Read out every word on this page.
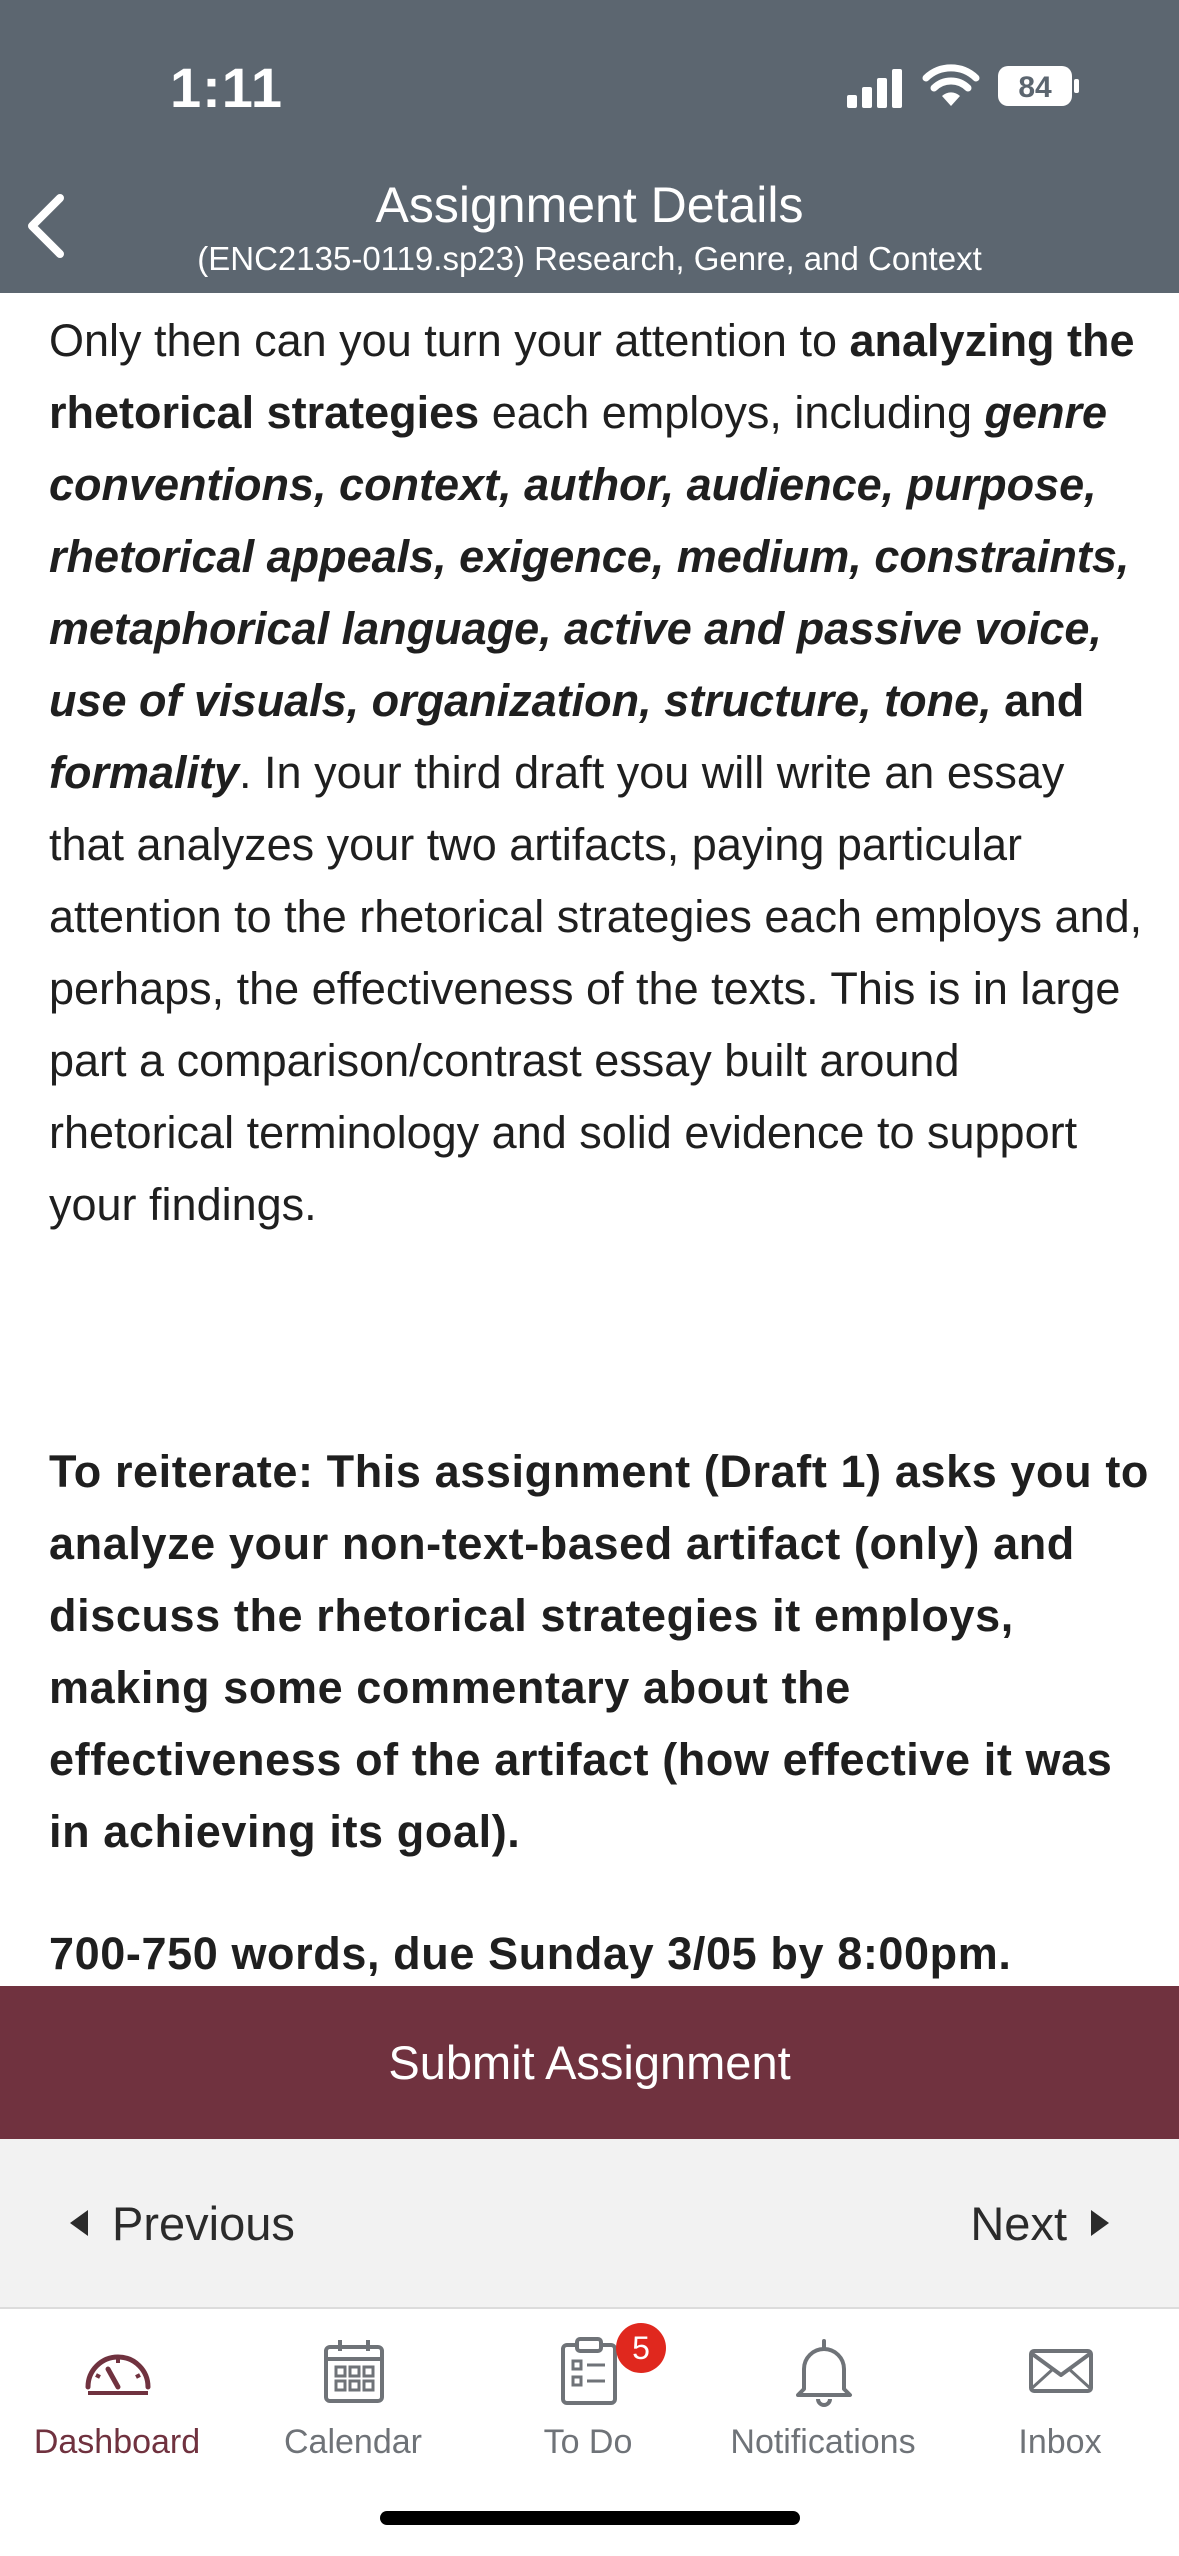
1:11	84
Assignment Details
(ENC2135-0119.sp23) Research, Genre, and Context

Only then can you turn your attention to analyzing the rhetorical strategies each employs, including genre conventions, context, author, audience, purpose, rhetorical appeals, exigence, medium, constraints, metaphorical language, active and passive voice, use of visuals, organization, structure, tone, and formality. In your third draft you will write an essay that analyzes your two artifacts, paying particular attention to the rhetorical strategies each employs and, perhaps, the effectiveness of the texts. This is in large part a comparison/contrast essay built around rhetorical terminology and solid evidence to support your findings.

To reiterate: This assignment (Draft 1) asks you to analyze your non-text-based artifact (only) and discuss the rhetorical strategies it employs, making some commentary about the effectiveness of the artifact (how effective it was in achieving its goal).

700-750 words, due Sunday 3/05 by 8:00pm.

Submit Assignment
Previous	Next
Dashboard	Calendar
5
To Do	Notifications	Inbox
